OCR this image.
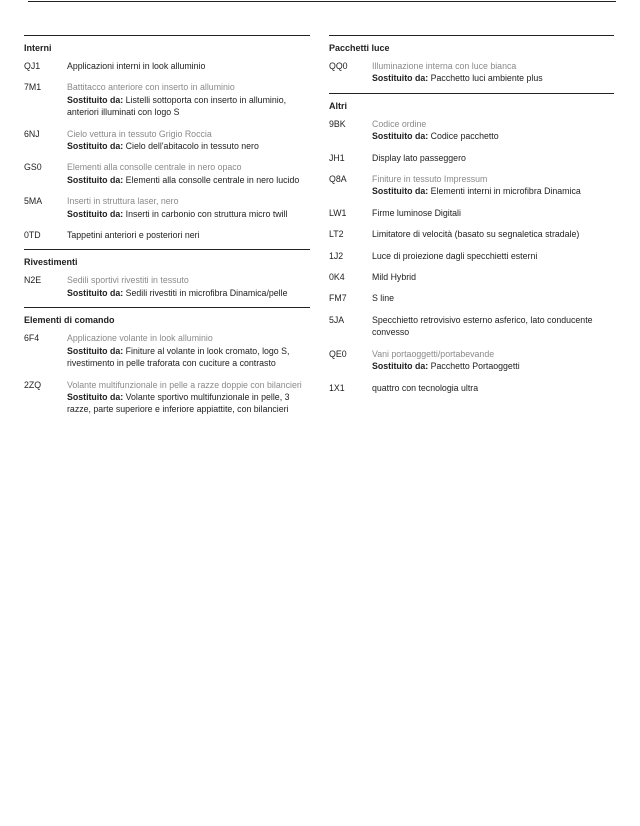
Interni
QJ1	Applicazioni interni in look alluminio
7M1	Battitacco anteriore con inserto in alluminio
Sostituito da: Listelli sottoporta con inserto in alluminio, anteriori illuminati con logo S
6NJ	Cielo vettura in tessuto Grigio Roccia
Sostituito da: Cielo dell'abitacolo in tessuto nero
GS0	Elementi alla consolle centrale in nero opaco
Sostituito da: Elementi alla consolle centrale in nero lucido
5MA	Inserti in struttura laser, nero
Sostituito da: Inserti in carbonio con struttura micro twill
0TD	Tappetini anteriori e posteriori neri
Rivestimenti
N2E	Sedili sportivi rivestiti in tessuto
Sostituito da: Sedili rivestiti in microfibra Dinamica/pelle
Elementi di comando
6F4	Applicazione volante in look alluminio
Sostituito da: Finiture al volante in look cromato, logo S, rivestimento in pelle traforata con cuciture a contrasto
2ZQ	Volante multifunzionale in pelle a razze doppie con bilancieri
Sostituito da: Volante sportivo multifunzionale in pelle, 3 razze, parte superiore e inferiore appiattite, con bilancieri
Pacchetti luce
QQ0	Illuminazione interna con luce bianca
Sostituito da: Pacchetto luci ambiente plus
Altri
9BK	Codice ordine
Sostituito da: Codice pacchetto
JH1	Display lato passeggero
Q8A	Finiture in tessuto Impressum
Sostituito da: Elementi interni in microfibra Dinamica
LW1	Firme luminose Digitali
LT2	Limitatore di velocità (basato su segnaletica stradale)
1J2	Luce di proiezione dagli specchietti esterni
0K4	Mild Hybrid
FM7	S line
5JA	Specchietto retrovisivo esterno asferico, lato conducente convesso
QE0	Vani portaoggetti/portabevande
Sostituito da: Pacchetto Portaoggetti
1X1	quattro con tecnologia ultra
